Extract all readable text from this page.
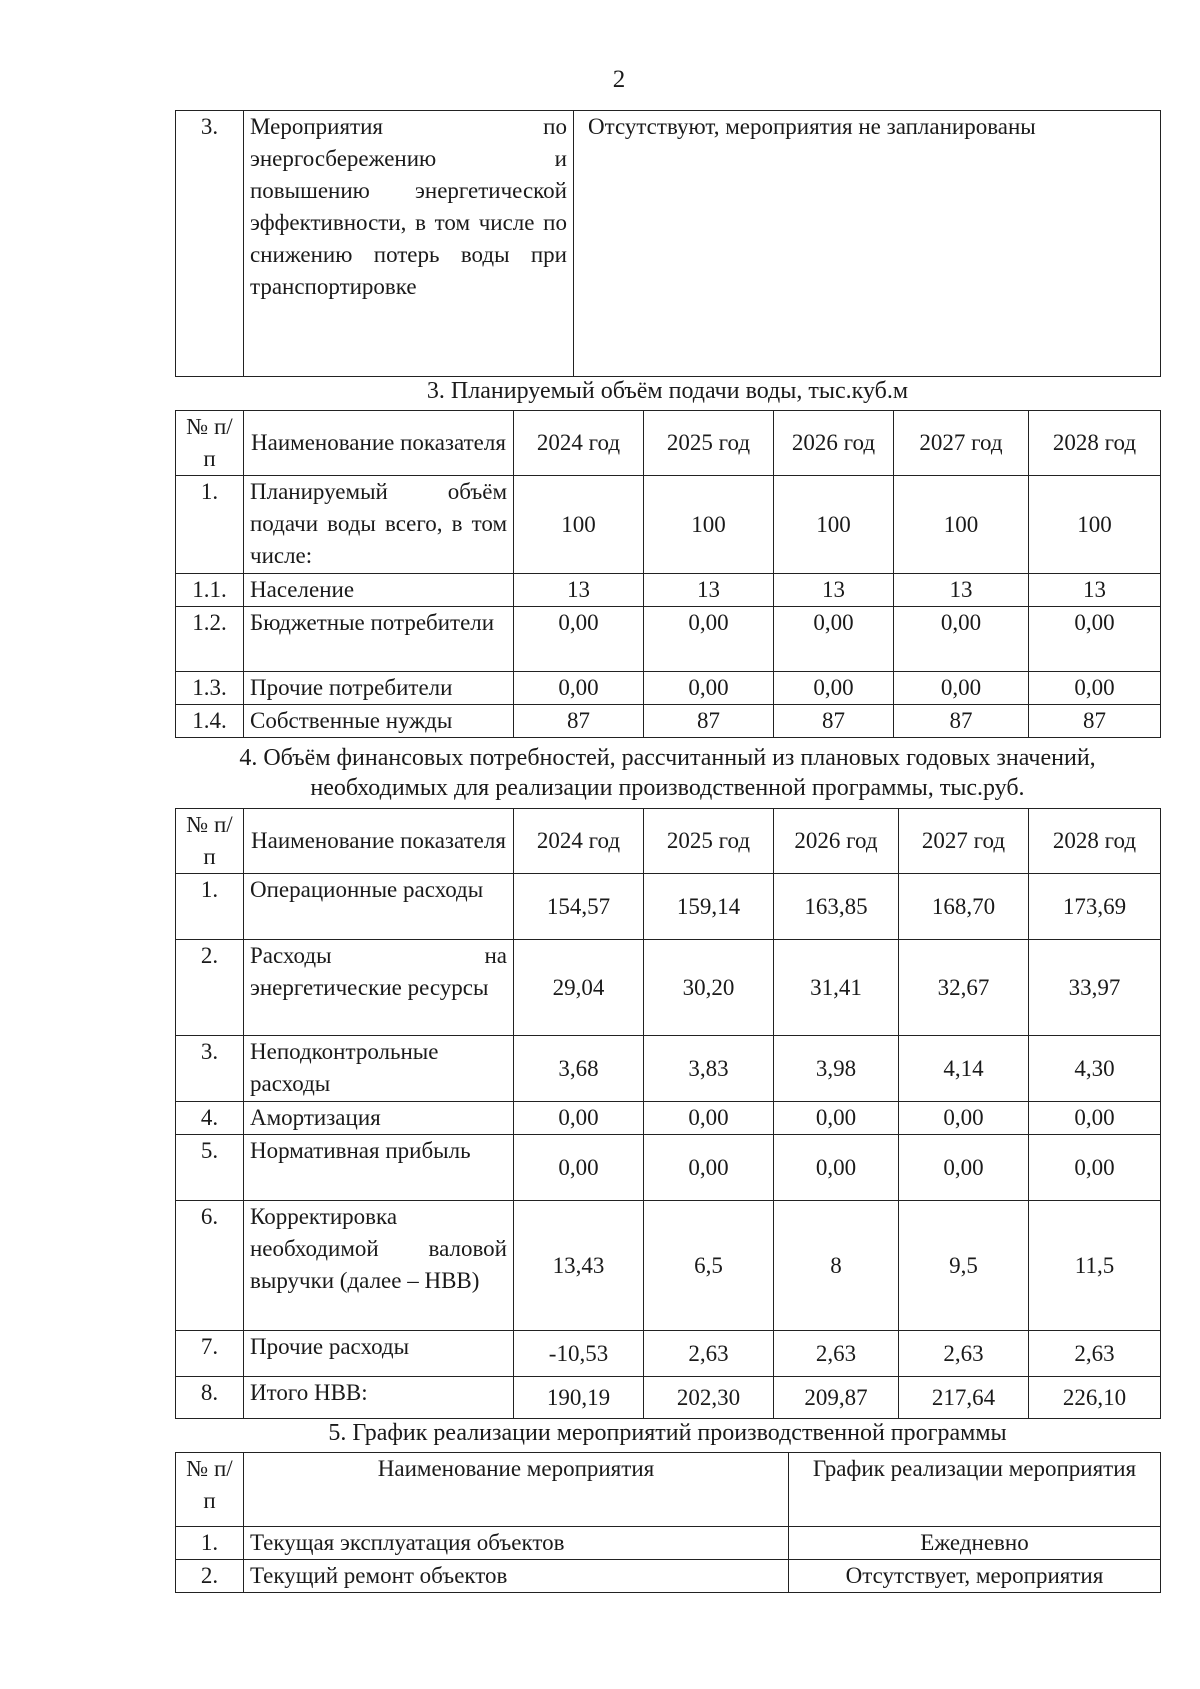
2
3.	Мероприятия по энергосбережению и повышению энергетической эффективности, в том числе по снижению потерь воды при транспортировке	Отсутствуют, мероприятия не запланированы
3. Планируемый объём подачи воды, тыс.куб.м
№ п/п	Наименование показателя	2024 год	2025 год	2026 год	2027 год	2028 год
1.	Планируемый объём подачи воды всего, в том числе:	100	100	100	100	100
1.1.	Население	13	13	13	13	13
1.2.	Бюджетные потребители	0,00	0,00	0,00	0,00	0,00
1.3.	Прочие потребители	0,00	0,00	0,00	0,00	0,00
1.4.	Собственные нужды	87	87	87	87	87
4. Объём финансовых потребностей, рассчитанный из плановых годовых значений, необходимых для реализации производственной программы, тыс.руб.
№ п/п	Наименование показателя	2024 год	2025 год	2026 год	2027 год	2028 год
1.	Операционные расходы	154,57	159,14	163,85	168,70	173,69
2.	Расходы на энергетические ресурсы	29,04	30,20	31,41	32,67	33,97
3.	Неподконтрольные расходы	3,68	3,83	3,98	4,14	4,30
4.	Амортизация	0,00	0,00	0,00	0,00	0,00
5.	Нормативная прибыль	0,00	0,00	0,00	0,00	0,00
6.	Корректировка необходимой валовой выручки (далее – НВВ)	13,43	6,5	8	9,5	11,5
7.	Прочие расходы	-10,53	2,63	2,63	2,63	2,63
8.	Итого НВВ:	190,19	202,30	209,87	217,64	226,10
5. График реализации мероприятий производственной программы
№ п/п	Наименование мероприятия	График реализации мероприятия
1.	Текущая эксплуатация объектов	Ежедневно
2.	Текущий ремонт объектов	Отсутствует, мероприятия
